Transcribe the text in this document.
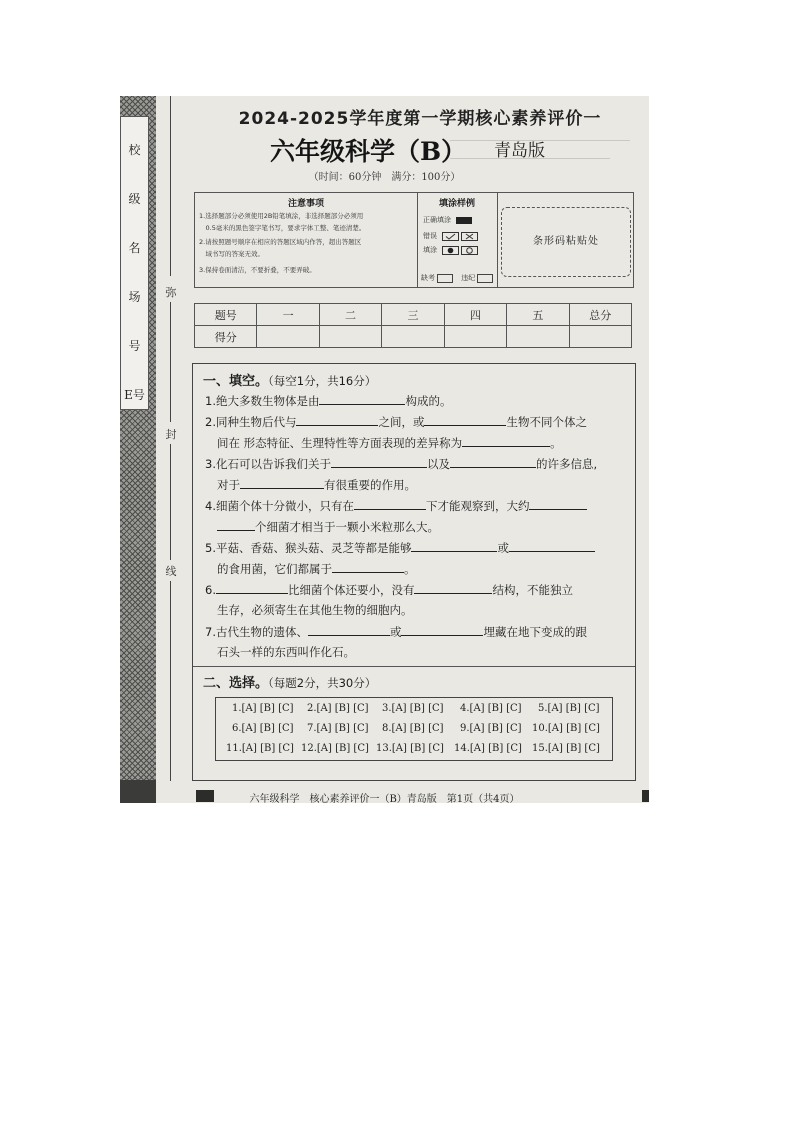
校
级
名
场
号
E号
弥
封
线
2024-2025学年度第一学期核心素养评价一
六年级科学（B） 青岛版
（时间：60分钟　满分：100分）
注意事项
1.选择题部分必须使用2B铅笔填涂，非选择题部分必须用
　0.5毫米的黑色签字笔书写，要求字体工整、笔迹清楚。
2.请按照题号顺序在相应的答题区域内作答，超出答题区
　域书写的答案无效。
3.保持卷面清洁，不要折叠，不要弄破。
填涂样例
正确填涂
错误
填涂
缺考	违纪
条形码粘贴处
题号	一	二	三	四	五	总分
得分						
一、填空。（每空1分，共16分）
1.绝大多数生物体是由	构成的。
2.同种生物后代与	之间，或	生物不同个体之
间在 形态特征、生理特性等方面表现的差异称为	。
3.化石可以告诉我们关于	以及	的许多信息,
对于	有很重要的作用。
4.细菌个体十分微小，只有在	下才能观察到，大约
个细菌才相当于一颗小米粒那么大。
5.平菇、香菇、猴头菇、灵芝等都是能够	或
的食用菌，它们都属于	。
6.	比细菌个体还要小，没有	结构，不能独立
生存，必须寄生在其他生物的细胞内。
7.古代生物的遗体、	或	埋藏在地下变成的跟
石头一样的东西叫作化石。
二、选择。（每题2分，共30分）
1.[A] [B] [C] 2.[A] [B] [C] 3.[A] [B] [C] 4.[A] [B] [C] 5.[A] [B] [C]
6.[A] [B] [C] 7.[A] [B] [C] 8.[A] [B] [C] 9.[A] [B] [C] 10.[A] [B] [C]
11.[A] [B] [C] 12.[A] [B] [C] 13.[A] [B] [C] 14.[A] [B] [C] 15.[A] [B] [C]
六年级科学　核心素养评价一（B）青岛版　第1页（共4页）
